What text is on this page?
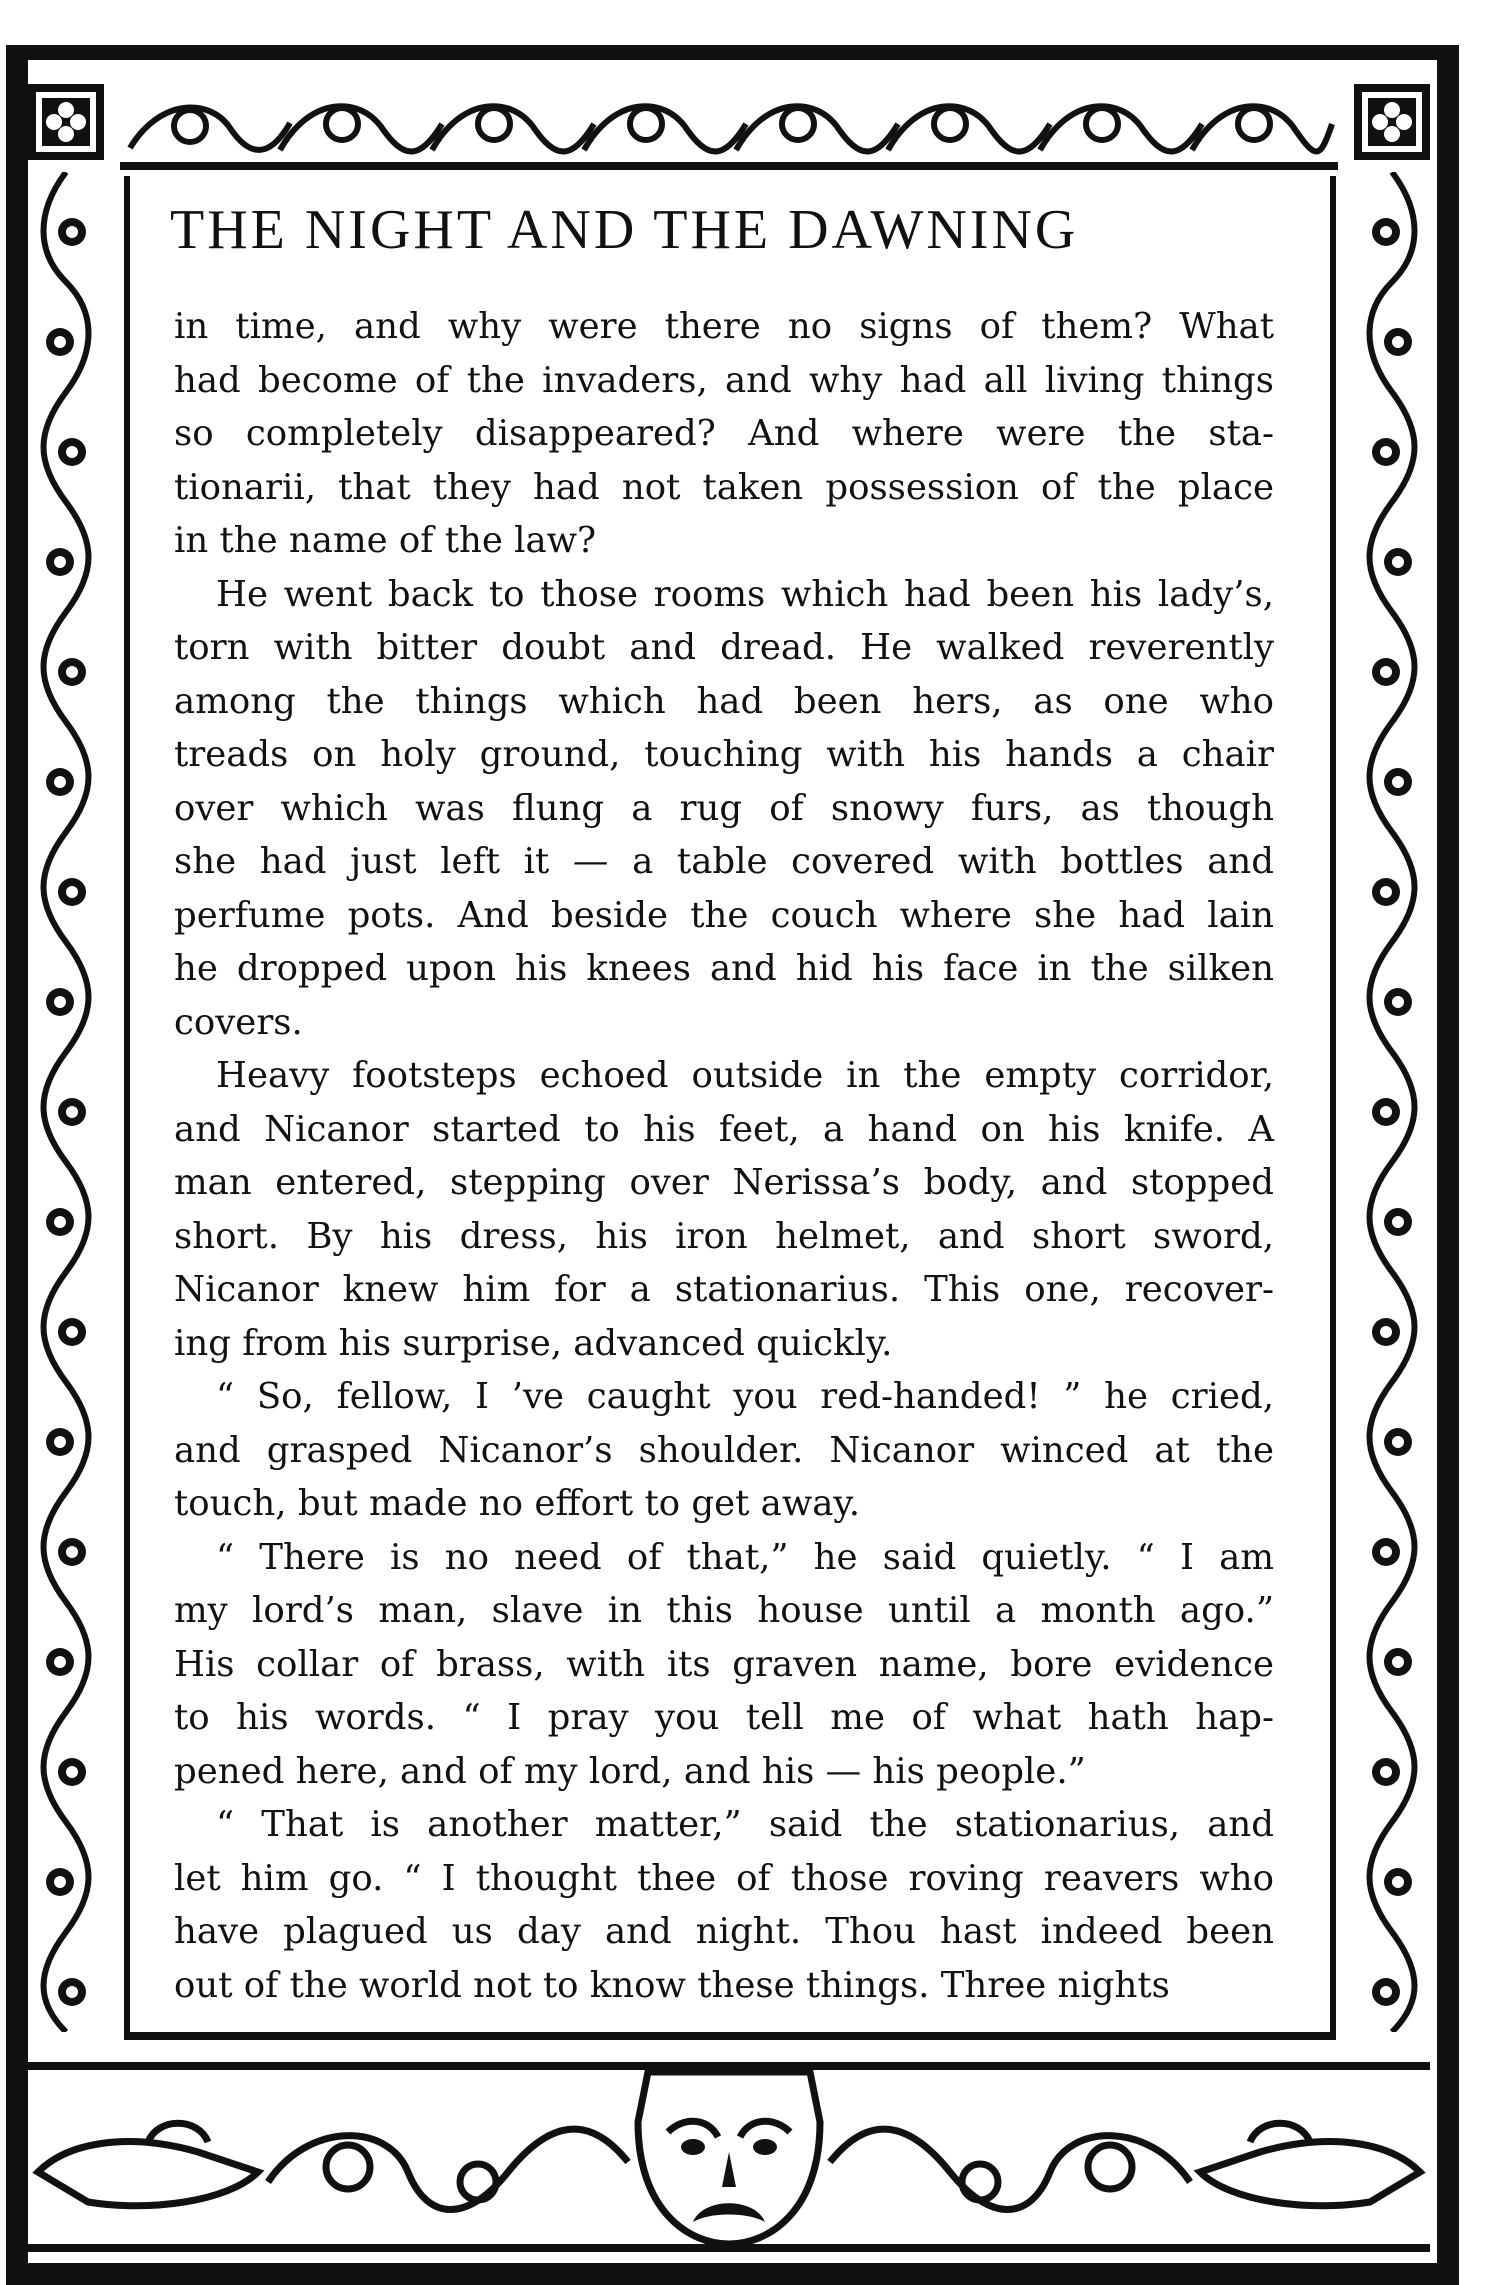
THE NIGHT AND THE DAWNING
in time, and why were there no signs of them? What
had become of the invaders, and why had all living things
so completely disappeared? And where were the sta-
tionarii, that they had not taken possession of the place
in the name of the law?
He went back to those rooms which had been his lady’s,
torn with bitter doubt and dread. He walked reverently
among the things which had been hers, as one who
treads on holy ground, touching with his hands a chair
over which was flung a rug of snowy furs, as though
she had just left it — a table covered with bottles and
perfume pots. And beside the couch where she had lain
he dropped upon his knees and hid his face in the silken
covers.
Heavy footsteps echoed outside in the empty corridor,
and Nicanor started to his feet, a hand on his knife. A
man entered, stepping over Nerissa’s body, and stopped
short. By his dress, his iron helmet, and short sword,
Nicanor knew him for a stationarius. This one, recover-
ing from his surprise, advanced quickly.
“ So, fellow, I ’ve caught you red-handed! ” he cried,
and grasped Nicanor’s shoulder. Nicanor winced at the
touch, but made no effort to get away.
“ There is no need of that,” he said quietly. “ I am
my lord’s man, slave in this house until a month ago.”
His collar of brass, with its graven name, bore evidence
to his words. “ I pray you tell me of what hath hap-
pened here, and of my lord, and his — his people.”
“ That is another matter,” said the stationarius, and
let him go. “ I thought thee of those roving reavers who
have plagued us day and night. Thou hast indeed been
out of the world not to know these things. Three nights
